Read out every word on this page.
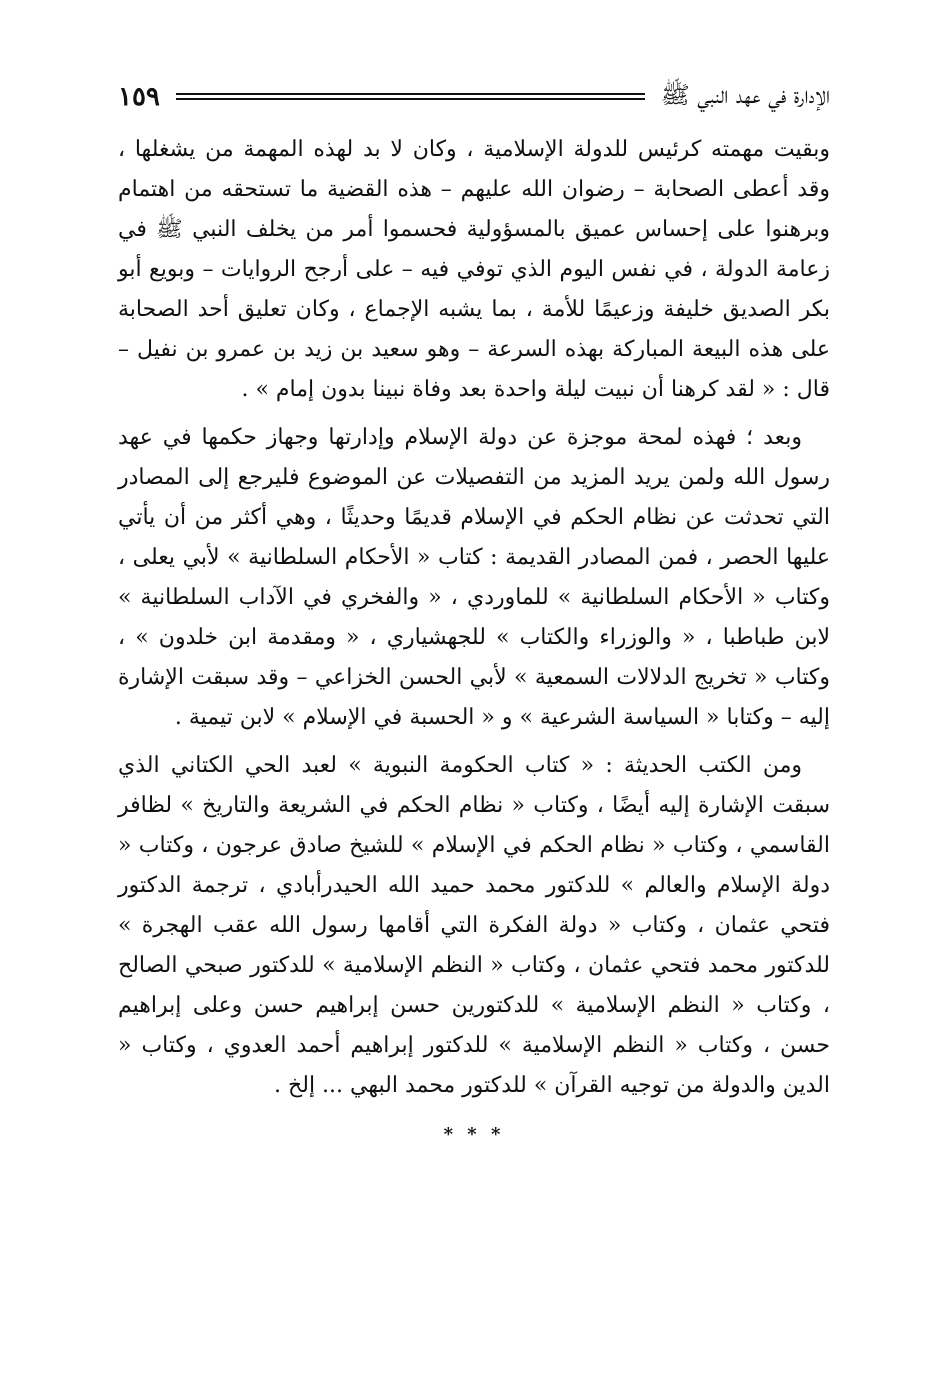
الإدارة في عهد النبي ﷺ
١٥٩

وبقيت مهمته كرئيس للدولة الإسلامية ، وكان لا بد لهذه المهمة من يشغلها ، وقد أعطى الصحابة – رضوان الله عليهم – هذه القضية ما تستحقه من اهتمام وبرهنوا على إحساس عميق بالمسؤولية فحسموا أمر من يخلف النبي ﷺ في زعامة الدولة ، في نفس اليوم الذي توفي فيه – على أرجح الروايات – وبويع أبو بكر الصديق خليفة وزعيمًا للأمة ، بما يشبه الإجماع ، وكان تعليق أحد الصحابة على هذه البيعة المباركة بهذه السرعة – وهو سعيد بن زيد بن عمرو بن نفيل – قال : « لقد كرهنا أن نبيت ليلة واحدة بعد وفاة نبينا بدون إمام » .

وبعد ؛ فهذه لمحة موجزة عن دولة الإسلام وإدارتها وجهاز حكمها في عهد رسول الله ولمن يريد المزيد من التفصيلات عن الموضوع فليرجع إلى المصادر التي تحدثت عن نظام الحكم في الإسلام قديمًا وحديثًا ، وهي أكثر من أن يأتي عليها الحصر ، فمن المصادر القديمة : كتاب « الأحكام السلطانية » لأبي يعلى ، وكتاب « الأحكام السلطانية » للماوردي ، « والفخري في الآداب السلطانية » لابن طباطبا ، « والوزراء والكتاب » للجهشياري ، « ومقدمة ابن خلدون » ، وكتاب « تخريج الدلالات السمعية » لأبي الحسن الخزاعي – وقد سبقت الإشارة إليه – وكتابا « السياسة الشرعية » و « الحسبة في الإسلام » لابن تيمية .

ومن الكتب الحديثة : « كتاب الحكومة النبوية » لعبد الحي الكتاني الذي سبقت الإشارة إليه أيضًا ، وكتاب « نظام الحكم في الشريعة والتاريخ » لظافر القاسمي ، وكتاب « نظام الحكم في الإسلام » للشيخ صادق عرجون ، وكتاب « دولة الإسلام والعالم » للدكتور محمد حميد الله الحيدرأبادي ، ترجمة الدكتور فتحي عثمان ، وكتاب « دولة الفكرة التي أقامها رسول الله عقب الهجرة » للدكتور محمد فتحي عثمان ، وكتاب « النظم الإسلامية » للدكتور صبحي الصالح ، وكتاب « النظم الإسلامية » للدكتورين حسن إبراهيم حسن وعلى إبراهيم حسن ، وكتاب « النظم الإسلامية » للدكتور إبراهيم أحمد العدوي ، وكتاب « الدين والدولة من توجيه القرآن » للدكتور محمد البهي ... إلخ .

* * *
